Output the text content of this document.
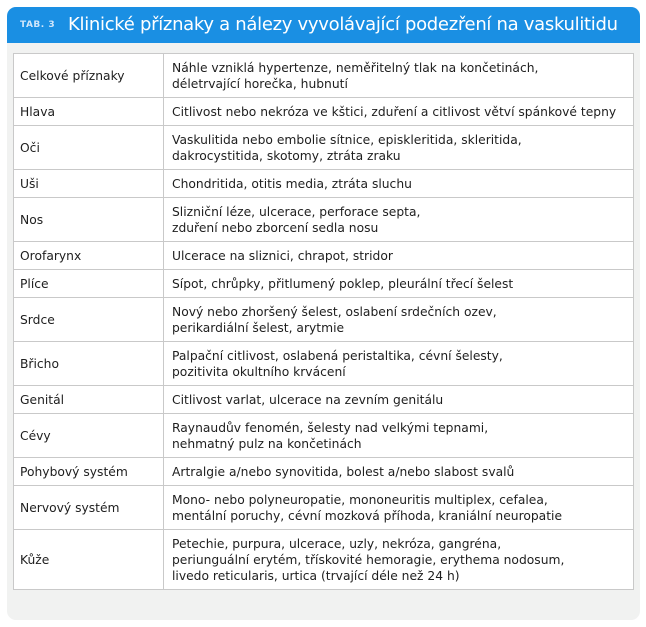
TAB. 3 Klinické příznaky a nálezy vyvolávající podezření na vaskulitidu
Celkové příznaky	Náhle vzniklá hypertenze, neměřitelný tlak na končetinách,
déletrvající horečka, hubnutí

Hlava	Citlivost nebo nekróza ve kštici, zduření a citlivost větví spánkové tepny

Oči	Vaskulitida nebo embolie sítnice, episkleritida, skleritida,
dakrocystitida, skotomy, ztráta zraku

Uši	Chondritida, otitis media, ztráta sluchu

Nos	Slizniční léze, ulcerace, perforace septa,
zduření nebo zborcení sedla nosu

Orofarynx	Ulcerace na sliznici, chrapot, stridor

Plíce	Sípot, chrůpky, přitlumený poklep, pleurální třecí šelest

Srdce	Nový nebo zhoršený šelest, oslabení srdečních ozev,
perikardiální šelest, arytmie

Břicho	Palpační citlivost, oslabená peristaltika, cévní šelesty,
pozitivita okultního krvácení

Genitál	Citlivost varlat, ulcerace na zevním genitálu

Cévy	Raynaudův fenomén, šelesty nad velkými tepnami,
nehmatný pulz na končetinách

Pohybový systém	Artralgie a/nebo synovitida, bolest a/nebo slabost svalů

Nervový systém	Mono- nebo polyneuropatie, mononeuritis multiplex, cefalea,
mentální poruchy, cévní mozková příhoda, kraniální neuropatie

Kůže	Petechie, purpura, ulcerace, uzly, nekróza, gangréna,
periunguální erytém, třískovité hemoragie, erythema nodosum,
livedo reticularis, urtica (trvající déle než 24 h)
